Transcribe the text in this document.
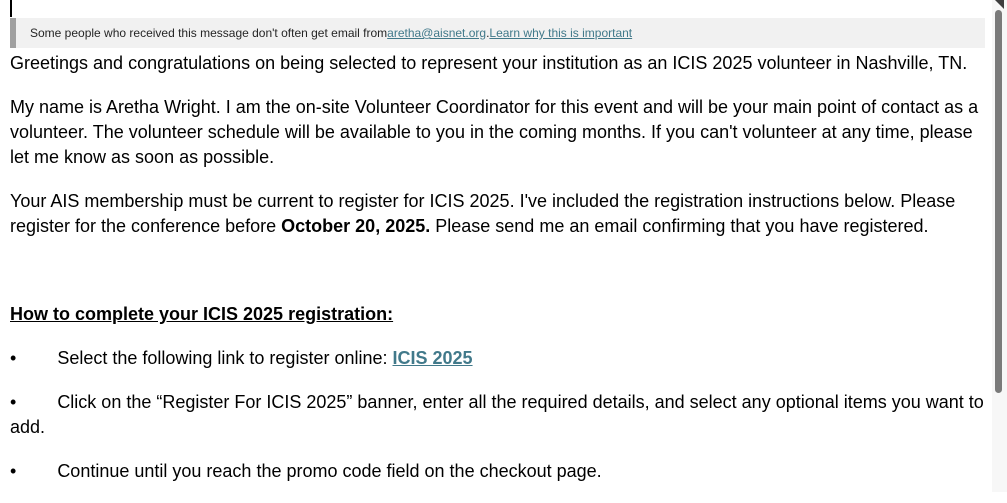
Some people who received this message don't often get email from aretha@aisnet.org . Learn why this is important

Greetings and congratulations on being selected to represent your institution as an ICIS 2025 volunteer in Nashville, TN.

My name is Aretha Wright. I am the on-site Volunteer Coordinator for this event and will be your main point of contact as a volunteer. The volunteer schedule will be available to you in the coming months. If you can't volunteer at any time, please let me know as soon as possible.

Your AIS membership must be current to register for ICIS 2025. I've included the registration instructions below. Please register for the conference before October 20, 2025. Please send me an email confirming that you have registered.

How to complete your ICIS 2025 registration:

• Select the following link to register online: ICIS 2025

• Click on the “Register For ICIS 2025” banner, enter all the required details, and select any optional items you want to add.

• Continue until you reach the promo code field on the checkout page.
